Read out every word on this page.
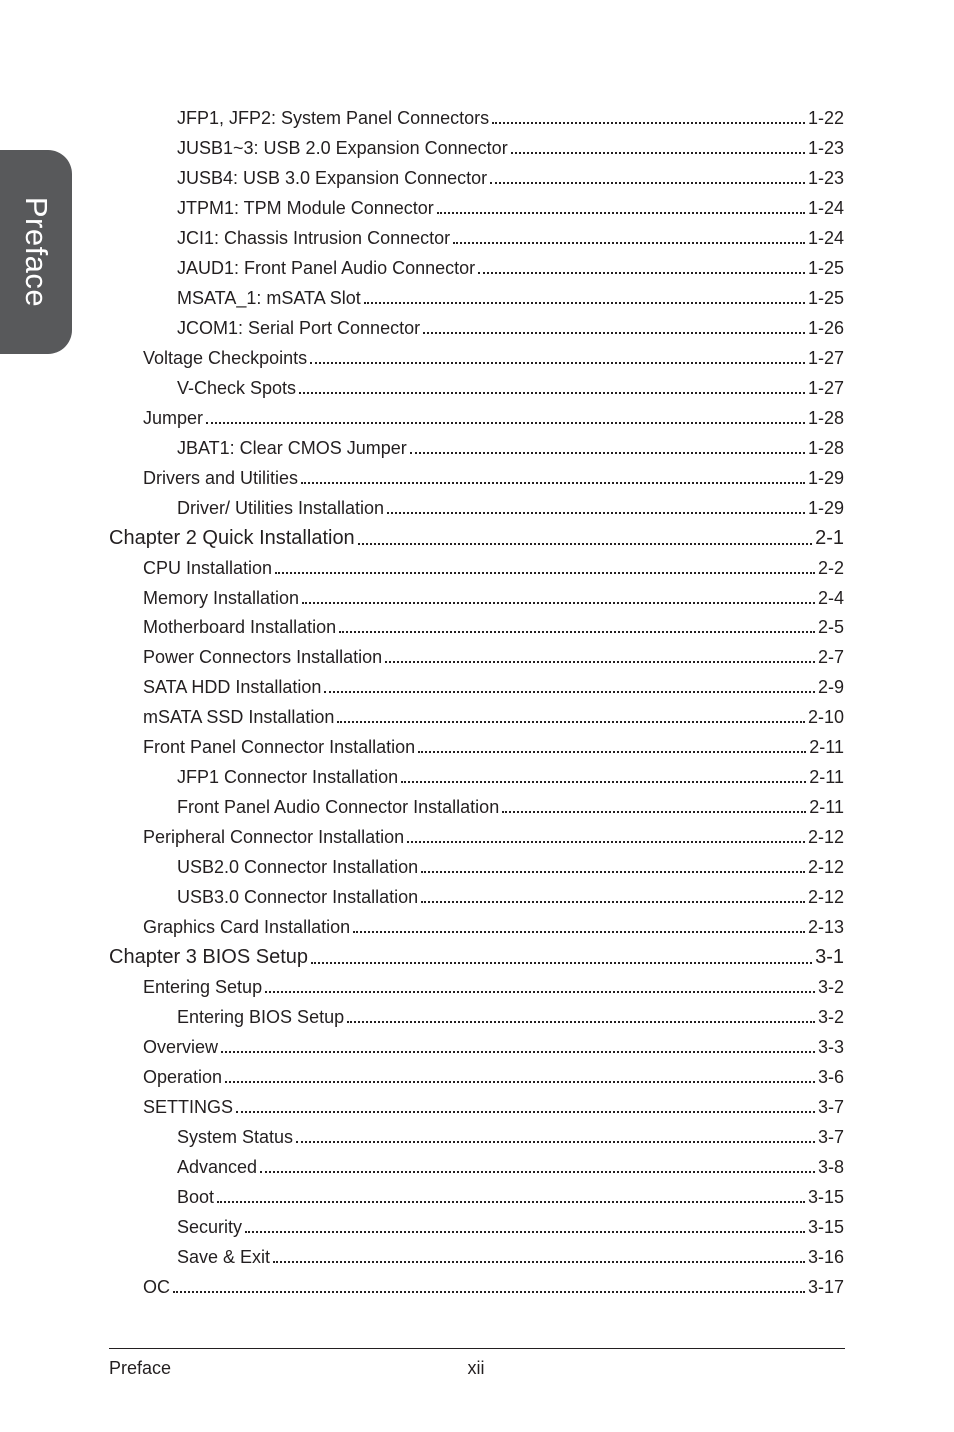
Preface
JFP1, JFP2: System Panel Connectors	1-22
JUSB1~3: USB 2.0 Expansion Connector	1-23
JUSB4: USB 3.0 Expansion Connector	1-23
JTPM1: TPM Module Connector	1-24
JCI1: Chassis Intrusion Connector	1-24
JAUD1: Front Panel Audio Connector	1-25
MSATA_1: mSATA Slot	1-25
JCOM1: Serial Port Connector	1-26
Voltage Checkpoints	1-27
V-Check Spots	1-27
Jumper	1-28
JBAT1: Clear CMOS Jumper	1-28
Drivers and Utilities	1-29
Driver/ Utilities Installation	1-29
Chapter 2 Quick Installation	2-1
CPU Installation	2-2
Memory Installation	2-4
Motherboard Installation	2-5
Power Connectors Installation	2-7
SATA HDD Installation	2-9
mSATA SSD Installation	2-10
Front Panel Connector Installation	2-11
JFP1 Connector Installation	2-11
Front Panel Audio Connector Installation	2-11
Peripheral Connector Installation	2-12
USB2.0 Connector Installation	2-12
USB3.0 Connector Installation	2-12
Graphics Card Installation	2-13
Chapter 3 BIOS Setup	3-1
Entering Setup	3-2
Entering BIOS Setup	3-2
Overview	3-3
Operation	3-6
SETTINGS	3-7
System Status	3-7
Advanced	3-8
Boot	3-15
Security	3-15
Save & Exit	3-16
OC	3-17
Preface	xii
